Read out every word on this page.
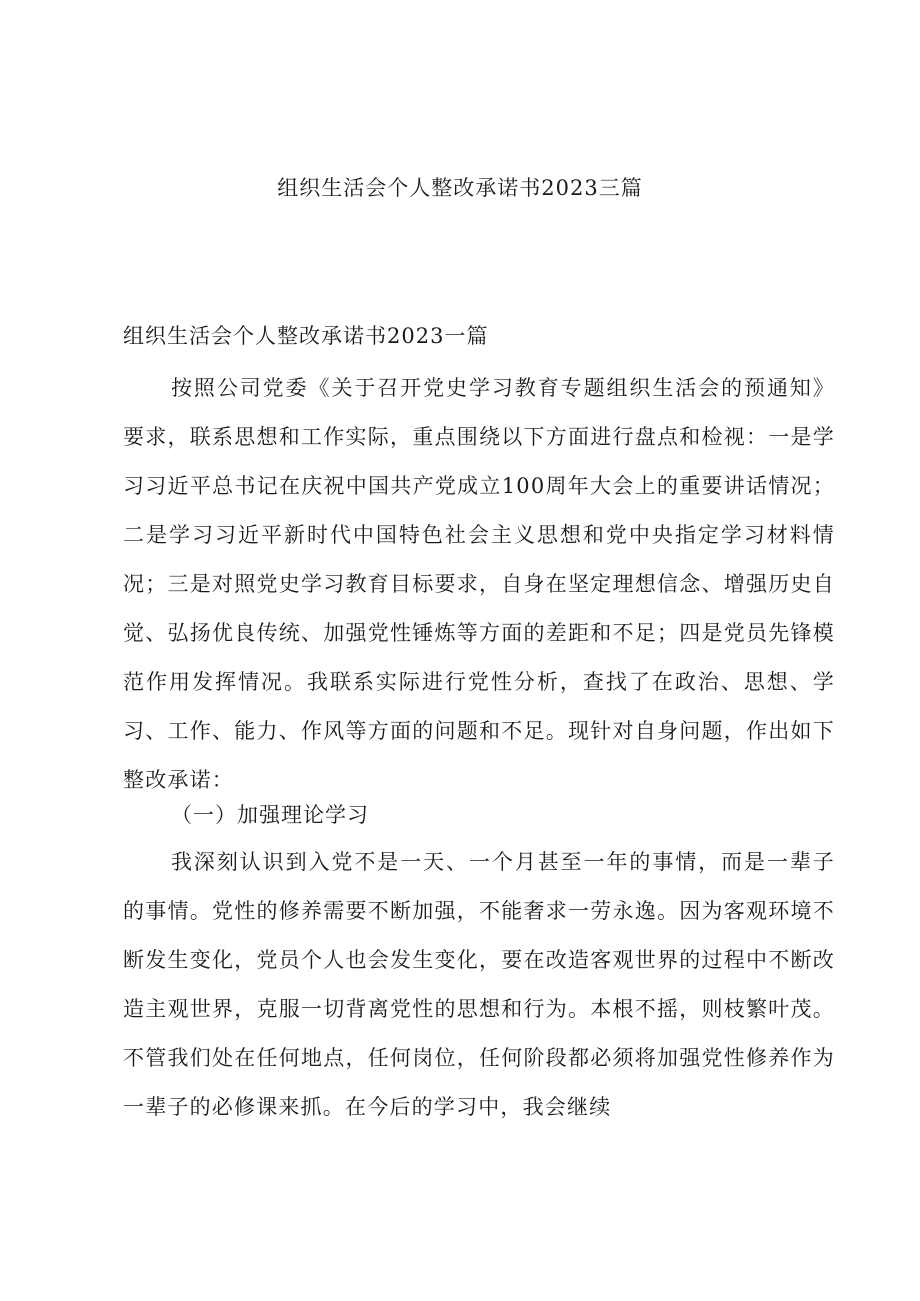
组织生活会个人整改承诺书2023三篇
组织生活会个人整改承诺书2023一篇

按照公司党委《关于召开党史学习教育专题组织生活会的预通知》要求，联系思想和工作实际，重点围绕以下方面进行盘点和检视：一是学习习近平总书记在庆祝中国共产党成立100周年大会上的重要讲话情况；二是学习习近平新时代中国特色社会主义思想和党中央指定学习材料情况；三是对照党史学习教育目标要求，自身在坚定理想信念、增强历史自觉、弘扬优良传统、加强党性锤炼等方面的差距和不足；四是党员先锋模范作用发挥情况。我联系实际进行党性分析，查找了在政治、思想、学习、工作、能力、作风等方面的问题和不足。现针对自身问题，作出如下整改承诺：

（一）加强理论学习

我深刻认识到入党不是一天、一个月甚至一年的事情，而是一辈子的事情。党性的修养需要不断加强，不能奢求一劳永逸。因为客观环境不断发生变化，党员个人也会发生变化，要在改造客观世界的过程中不断改造主观世界，克服一切背离党性的思想和行为。本根不摇，则枝繁叶茂。不管我们处在任何地点，任何岗位，任何阶段都必须将加强党性修养作为一辈子的必修课来抓。在今后的学习中，我会继续
